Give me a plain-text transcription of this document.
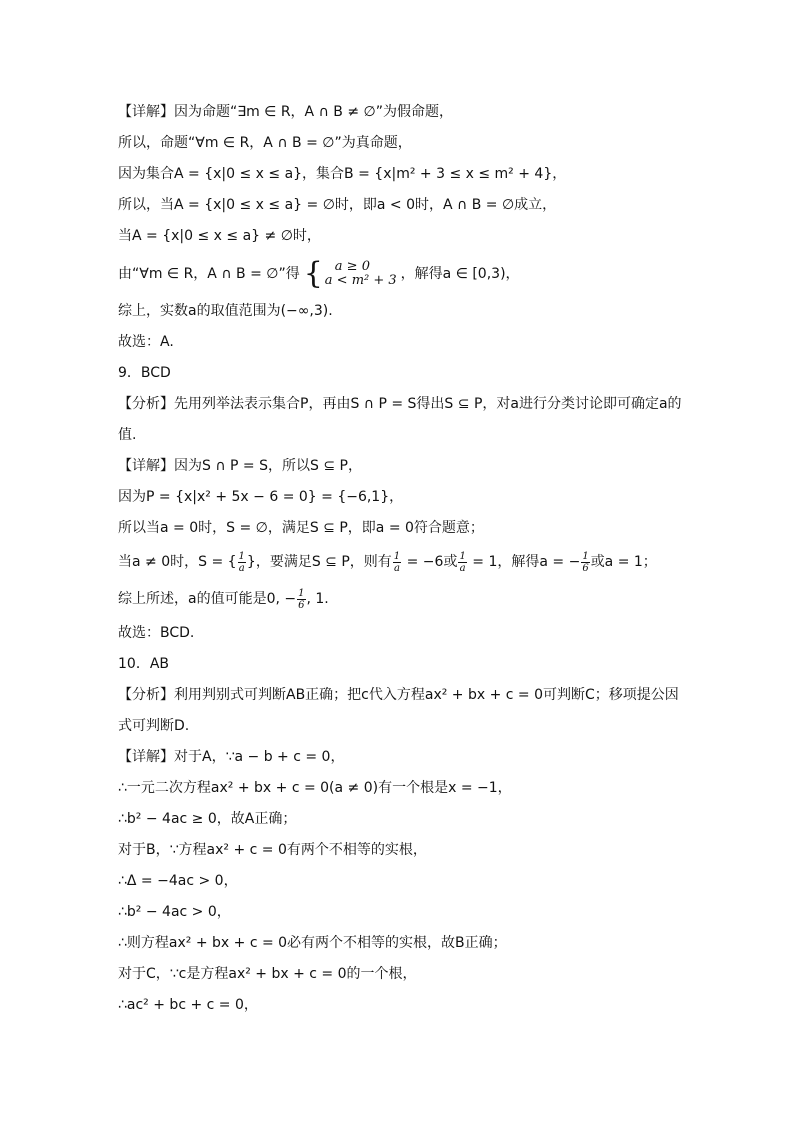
【详解】因为命题“∃m ∈ R，A ∩ B ≠ ∅”为假命题，
所以，命题“∀m ∈ R，A ∩ B = ∅”为真命题，
因为集合A = {x|0 ≤ x ≤ a}，集合B = {x|m² + 3 ≤ x ≤ m² + 4}，
所以，当A = {x|0 ≤ x ≤ a} = ∅时，即a < 0时，A ∩ B = ∅成立，
当A = {x|0 ≤ x ≤ a} ≠ ∅时，
由“∀m ∈ R，A ∩ B = ∅”得 { a ≥ 0
a < m² + 3 ，解得a ∈ [0,3)，
综上，实数a的取值范围为(−∞,3).
故选：A.
9．BCD
【分析】先用列举法表示集合P，再由S ∩ P = S得出S ⊆ P，对a进行分类讨论即可确定a的
值.
【详解】因为S ∩ P = S，所以S ⊆ P，
因为P = {x|x² + 5x − 6 = 0} = {−6,1}，
所以当a = 0时，S = ∅，满足S ⊆ P，即a = 0符合题意；
当a ≠ 0时，S = { $\frac{1}{a}$ }，要满足S ⊆ P，则有 $\frac{1}{a} = -6$或 $\frac{1}{a} = 1$，解得a = − $\frac{1}{6}$ 或a = 1；
综上所述，a的值可能是0, − $\frac{1}{6}$ , 1.
故选：BCD.
10．AB
【分析】利用判别式可判断AB正确；把c代入方程ax² + bx + c = 0可判断C；移项提公因
式可判断D.
【详解】对于A，∵a − b + c = 0，
∴一元二次方程ax² + bx + c = 0(a ≠ 0)有一个根是x = −1，
∴b² − 4ac ≥ 0，故A正确；
对于B，∵方程ax² + c = 0有两个不相等的实根，
∴Δ = −4ac > 0，
∴b² − 4ac > 0，
∴则方程ax² + bx + c = 0必有两个不相等的实根，故B正确；
对于C，∵c是方程ax² + bx + c = 0的一个根，
∴ac² + bc + c = 0，
